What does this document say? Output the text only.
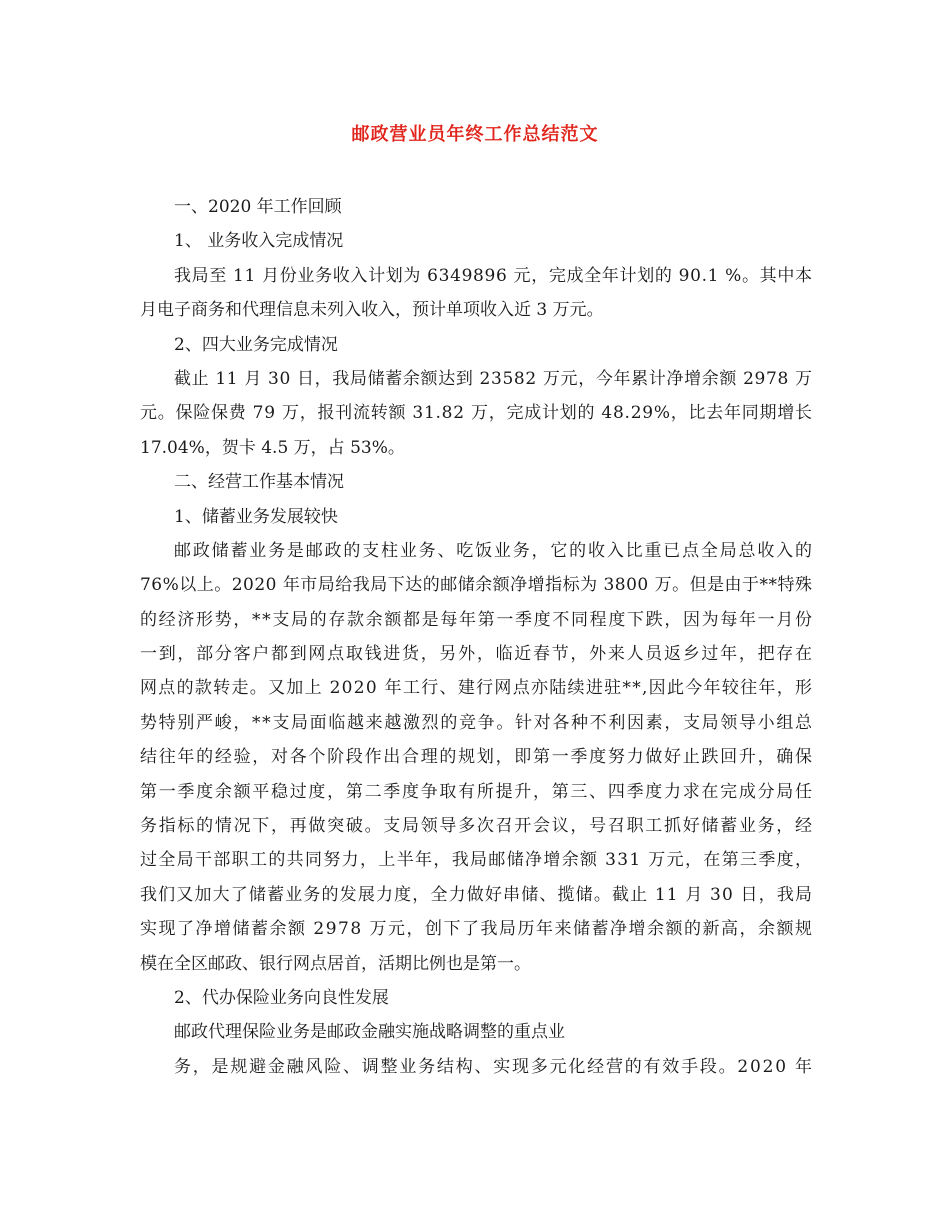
邮政营业员年终工作总结范文
一、2020 年工作回顾
1、 业务收入完成情况
我局至 11 月份业务收入计划为 6349896 元，完成全年计划的 90.1 %。其中本
月电子商务和代理信息未列入收入，预计单项收入近 3 万元。
2、四大业务完成情况
截止 11 月 30 日，我局储蓄余额达到 23582 万元，今年累计净增余额 2978 万
元。保险保费 79 万，报刊流转额 31.82 万，完成计划的 48.29%，比去年同期增长
17.04%，贺卡 4.5 万，占 53%。
二、经营工作基本情况
1、储蓄业务发展较快
邮政储蓄业务是邮政的支柱业务、吃饭业务，它的收入比重已点全局总收入的
76%以上。2020 年市局给我局下达的邮储余额净增指标为 3800 万。但是由于**特殊
的经济形势，**支局的存款余额都是每年第一季度不同程度下跌，因为每年一月份
一到，部分客户都到网点取钱进货，另外，临近春节，外来人员返乡过年，把存在
网点的款转走。又加上 2020 年工行、建行网点亦陆续进驻**,因此今年较往年，形
势特别严峻，**支局面临越来越激烈的竞争。针对各种不利因素，支局领导小组总
结往年的经验，对各个阶段作出合理的规划，即第一季度努力做好止跌回升，确保
第一季度余额平稳过度，第二季度争取有所提升，第三、四季度力求在完成分局任
务指标的情况下，再做突破。支局领导多次召开会议，号召职工抓好储蓄业务，经
过全局干部职工的共同努力，上半年，我局邮储净增余额 331 万元，在第三季度，
我们又加大了储蓄业务的发展力度，全力做好串储、揽储。截止 11 月 30 日，我局
实现了净增储蓄余额 2978 万元，创下了我局历年来储蓄净增余额的新高，余额规
模在全区邮政、银行网点居首，活期比例也是第一。
2、代办保险业务向良性发展
邮政代理保险业务是邮政金融实施战略调整的重点业
务，是规避金融风险、调整业务结构、实现多元化经营的有效手段。2020 年
